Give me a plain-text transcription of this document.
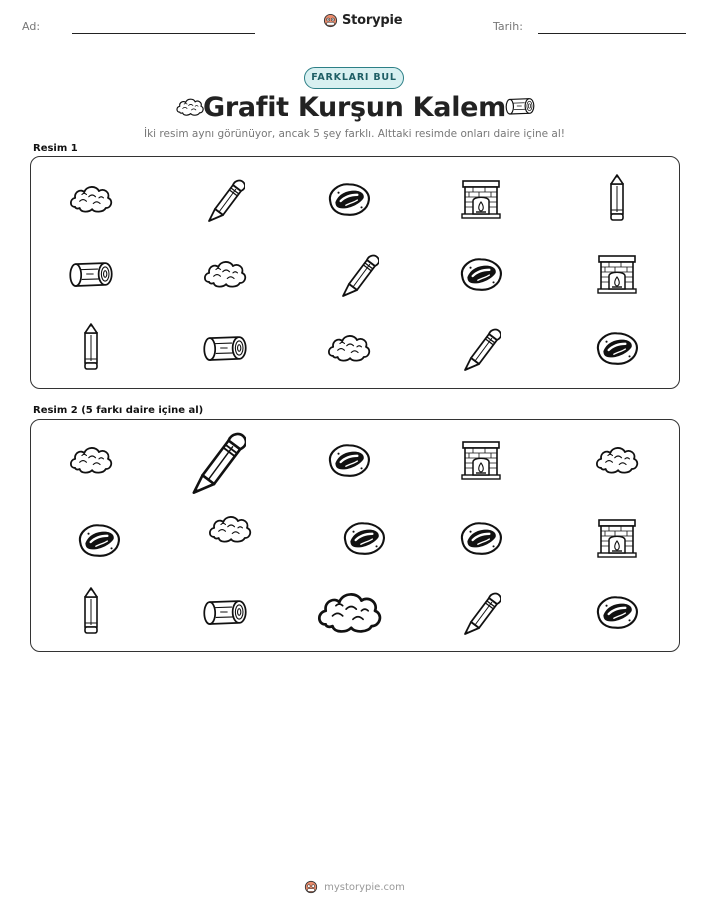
Ad:	Storypie	Tarih:
FARKLARI BUL
Grafit Kurşun Kalem
İki resim aynı görünüyor, ancak 5 şey farklı. Alttaki resimde onları daire içine al!
Resim 1
Resim 2 (5 farkı daire içine al)
mystorypie.com
